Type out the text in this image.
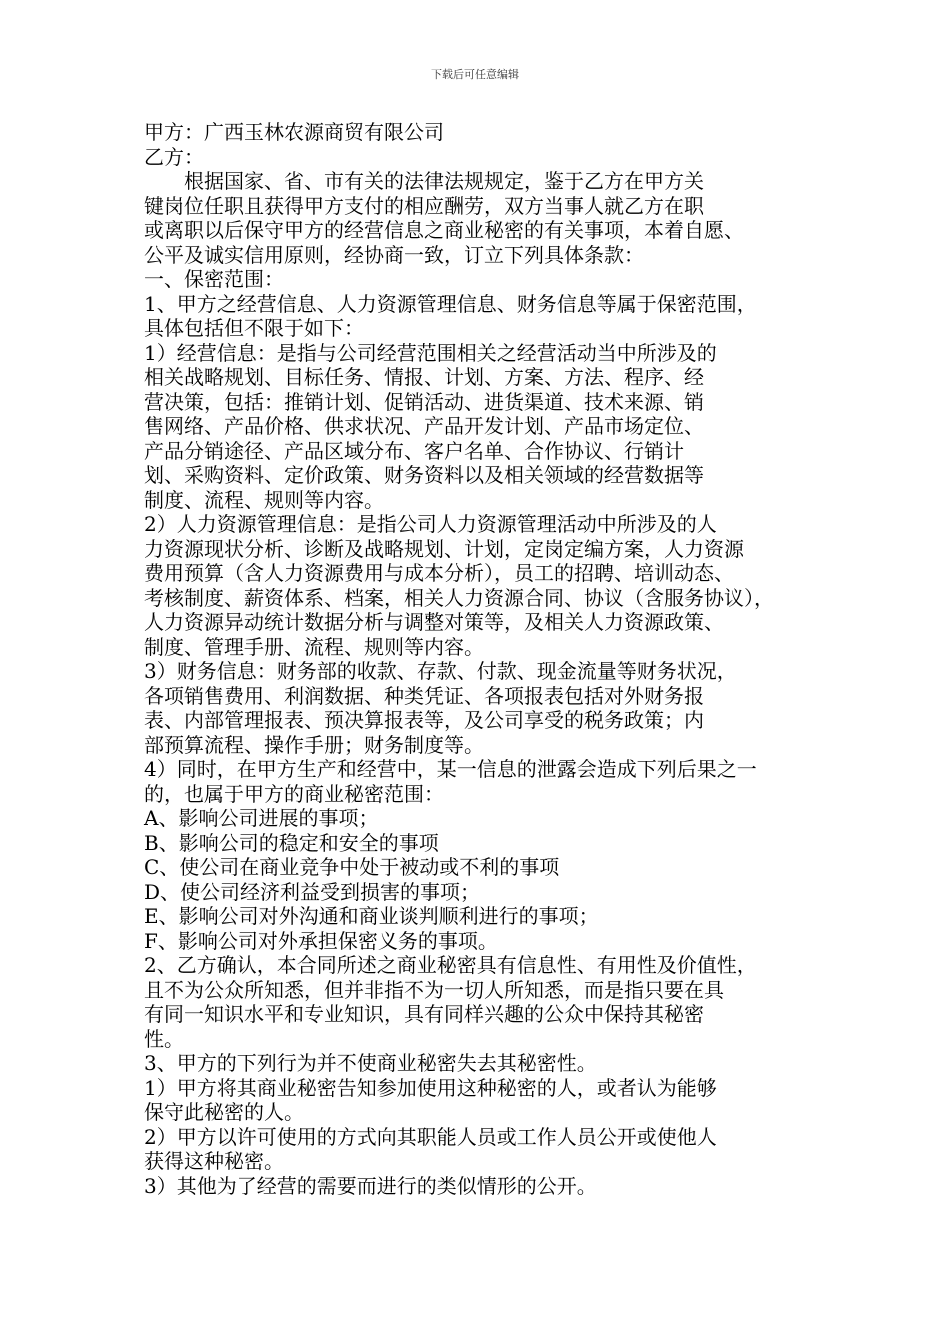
下载后可任意编辑
甲方：广西玉林农源商贸有限公司
乙方：
　　根据国家、省、市有关的法律法规规定，鉴于乙方在甲方关
键岗位任职且获得甲方支付的相应酬劳，双方当事人就乙方在职
或离职以后保守甲方的经营信息之商业秘密的有关事项，本着自愿、
公平及诚实信用原则，经协商一致，订立下列具体条款：
一、保密范围：
1、甲方之经营信息、人力资源管理信息、财务信息等属于保密范围，
具体包括但不限于如下：
1）经营信息：是指与公司经营范围相关之经营活动当中所涉及的
相关战略规划、目标任务、情报、计划、方案、方法、程序、经
营决策，包括：推销计划、促销活动、进货渠道、技术来源、销
售网络、产品价格、供求状况、产品开发计划、产品市场定位、
产品分销途径、产品区域分布、客户名单、合作协议、行销计
划、采购资料、定价政策、财务资料以及相关领域的经营数据等
制度、流程、规则等内容。
2）人力资源管理信息：是指公司人力资源管理活动中所涉及的人
力资源现状分析、诊断及战略规划、计划，定岗定编方案，人力资源
费用预算（含人力资源费用与成本分析），员工的招聘、培训动态、
考核制度、薪资体系、档案，相关人力资源合同、协议（含服务协议），
人力资源异动统计数据分析与调整对策等，及相关人力资源政策、
制度、管理手册、流程、规则等内容。
3）财务信息：财务部的收款、存款、付款、现金流量等财务状况，
各项销售费用、利润数据、种类凭证、各项报表包括对外财务报
表、内部管理报表、预决算报表等，及公司享受的税务政策；内
部预算流程、操作手册；财务制度等。
4）同时，在甲方生产和经营中，某一信息的泄露会造成下列后果之一
的，也属于甲方的商业秘密范围：
A、影响公司进展的事项；
B、影响公司的稳定和安全的事项
C、使公司在商业竞争中处于被动或不利的事项
D、使公司经济利益受到损害的事项；
E、影响公司对外沟通和商业谈判顺利进行的事项；
F、影响公司对外承担保密义务的事项。
2、乙方确认，本合同所述之商业秘密具有信息性、有用性及价值性，
且不为公众所知悉，但并非指不为一切人所知悉，而是指只要在具
有同一知识水平和专业知识，具有同样兴趣的公众中保持其秘密
性。
3、甲方的下列行为并不使商业秘密失去其秘密性。
1）甲方将其商业秘密告知参加使用这种秘密的人，或者认为能够
保守此秘密的人。
2）甲方以许可使用的方式向其职能人员或工作人员公开或使他人
获得这种秘密。
3）其他为了经营的需要而进行的类似情形的公开。
